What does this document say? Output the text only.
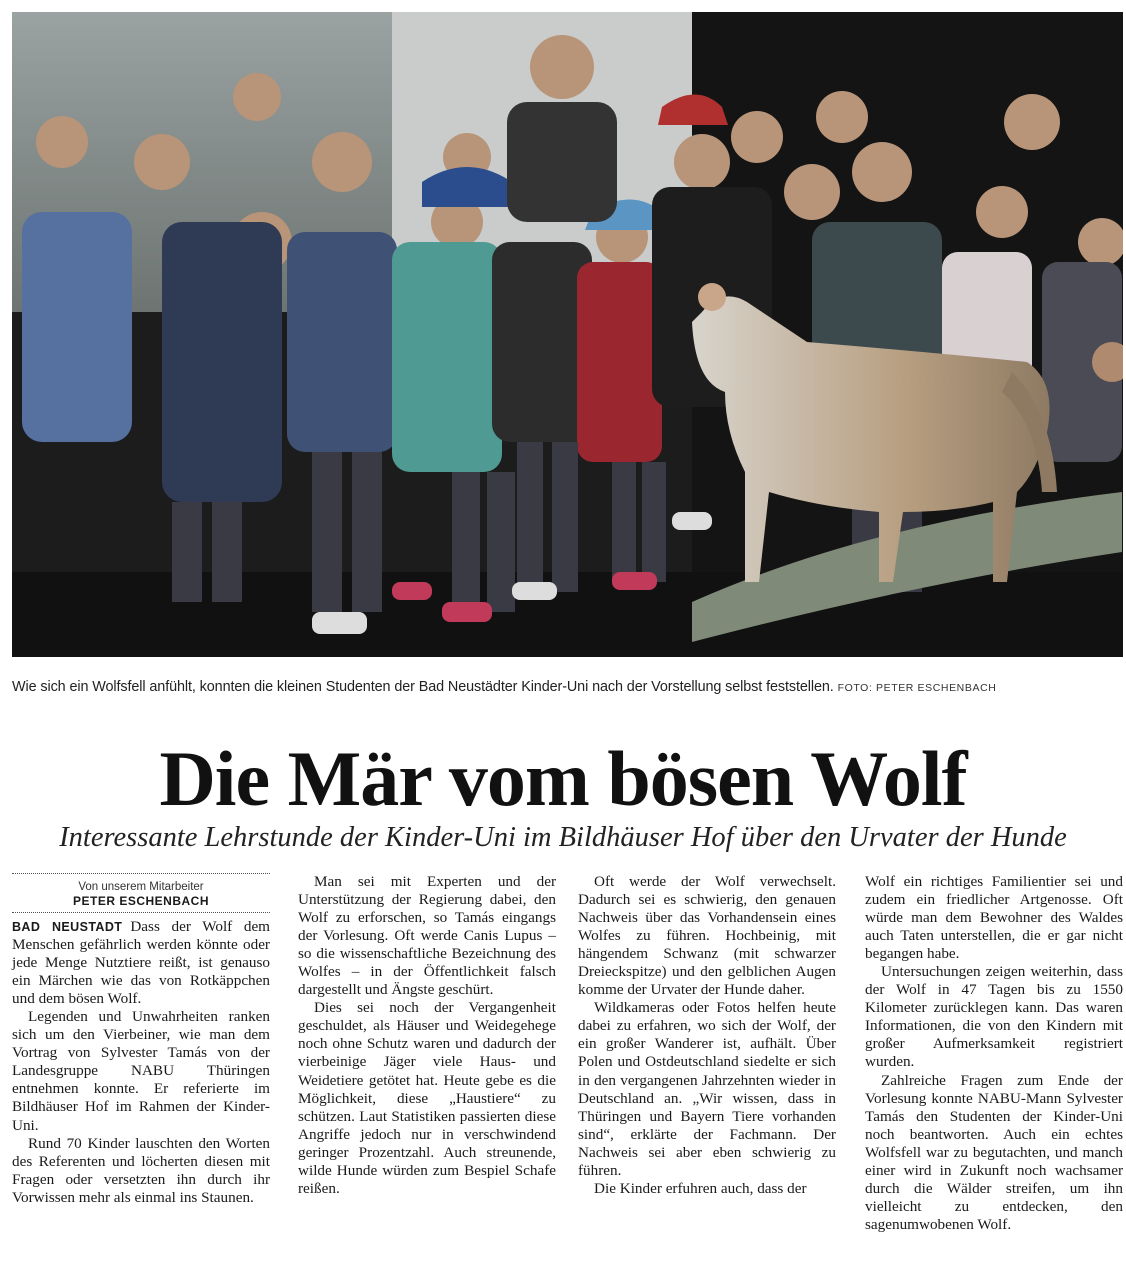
Wie sich ein Wolfsfell anfühlt, konnten die kleinen Studenten der Bad Neustädter Kinder-Uni nach der Vorstellung selbst feststellen. FOTO: PETER ESCHENBACH
Die Mär vom bösen Wolf
Interessante Lehrstunde der Kinder-Uni im Bildhäuser Hof über den Urvater der Hunde
Von unserem Mitarbeiter
PETER ESCHENBACH

BAD NEUSTADT Dass der Wolf dem Menschen gefährlich werden könnte oder jede Menge Nutztiere reißt, ist genauso ein Märchen wie das von Rotkäppchen und dem bösen Wolf.

Legenden und Unwahrheiten ranken sich um den Vierbeiner, wie man dem Vortrag von Sylvester Tamás von der Landesgruppe NABU Thüringen entnehmen konnte. Er referierte im Bildhäuser Hof im Rahmen der Kinder-Uni.

Rund 70 Kinder lauschten den Worten des Referenten und löcherten diesen mit Fragen oder versetzten ihn durch ihr Vorwissen mehr als einmal ins Staunen.

Man sei mit Experten und der Unterstützung der Regierung dabei, den Wolf zu erforschen, so Tamás eingangs der Vorlesung. Oft werde Canis Lupus – so die wissenschaftliche Bezeichnung des Wolfes – in der Öffentlichkeit falsch dargestellt und Ängste geschürt.

Dies sei noch der Vergangenheit geschuldet, als Häuser und Weidegehege noch ohne Schutz waren und dadurch der vierbeinige Jäger viele Haus- und Weidetiere getötet hat. Heute gebe es die Möglichkeit, diese „Haustiere“ zu schützen. Laut Statistiken passierten diese Angriffe jedoch nur in verschwindend geringer Prozentzahl. Auch streunende, wilde Hunde würden zum Bespiel Schafe reißen.

Oft werde der Wolf verwechselt. Dadurch sei es schwierig, den genauen Nachweis über das Vorhandensein eines Wolfes zu führen. Hochbeinig, mit hängendem Schwanz (mit schwarzer Dreieckspitze) und den gelblichen Augen komme der Urvater der Hunde daher.

Wildkameras oder Fotos helfen heute dabei zu erfahren, wo sich der Wolf, der ein großer Wanderer ist, aufhält. Über Polen und Ostdeutschland siedelte er sich in den vergangenen Jahrzehnten wieder in Deutschland an. „Wir wissen, dass in Thüringen und Bayern Tiere vorhanden sind“, erklärte der Fachmann. Der Nachweis sei aber eben schwierig zu führen.

Die Kinder erfuhren auch, dass der

Wolf ein richtiges Familientier sei und zudem ein friedlicher Artgenosse. Oft würde man dem Bewohner des Waldes auch Taten unterstellen, die er gar nicht begangen habe.

Untersuchungen zeigen weiterhin, dass der Wolf in 47 Tagen bis zu 1550 Kilometer zurücklegen kann. Das waren Informationen, die von den Kindern mit großer Aufmerksamkeit registriert wurden.

Zahlreiche Fragen zum Ende der Vorlesung konnte NABU-Mann Sylvester Tamás den Studenten der Kinder-Uni noch beantworten. Auch ein echtes Wolfsfell war zu begutachten, und manch einer wird in Zukunft noch wachsamer durch die Wälder streifen, um ihn vielleicht zu entdecken, den sagenumwobenen Wolf.
